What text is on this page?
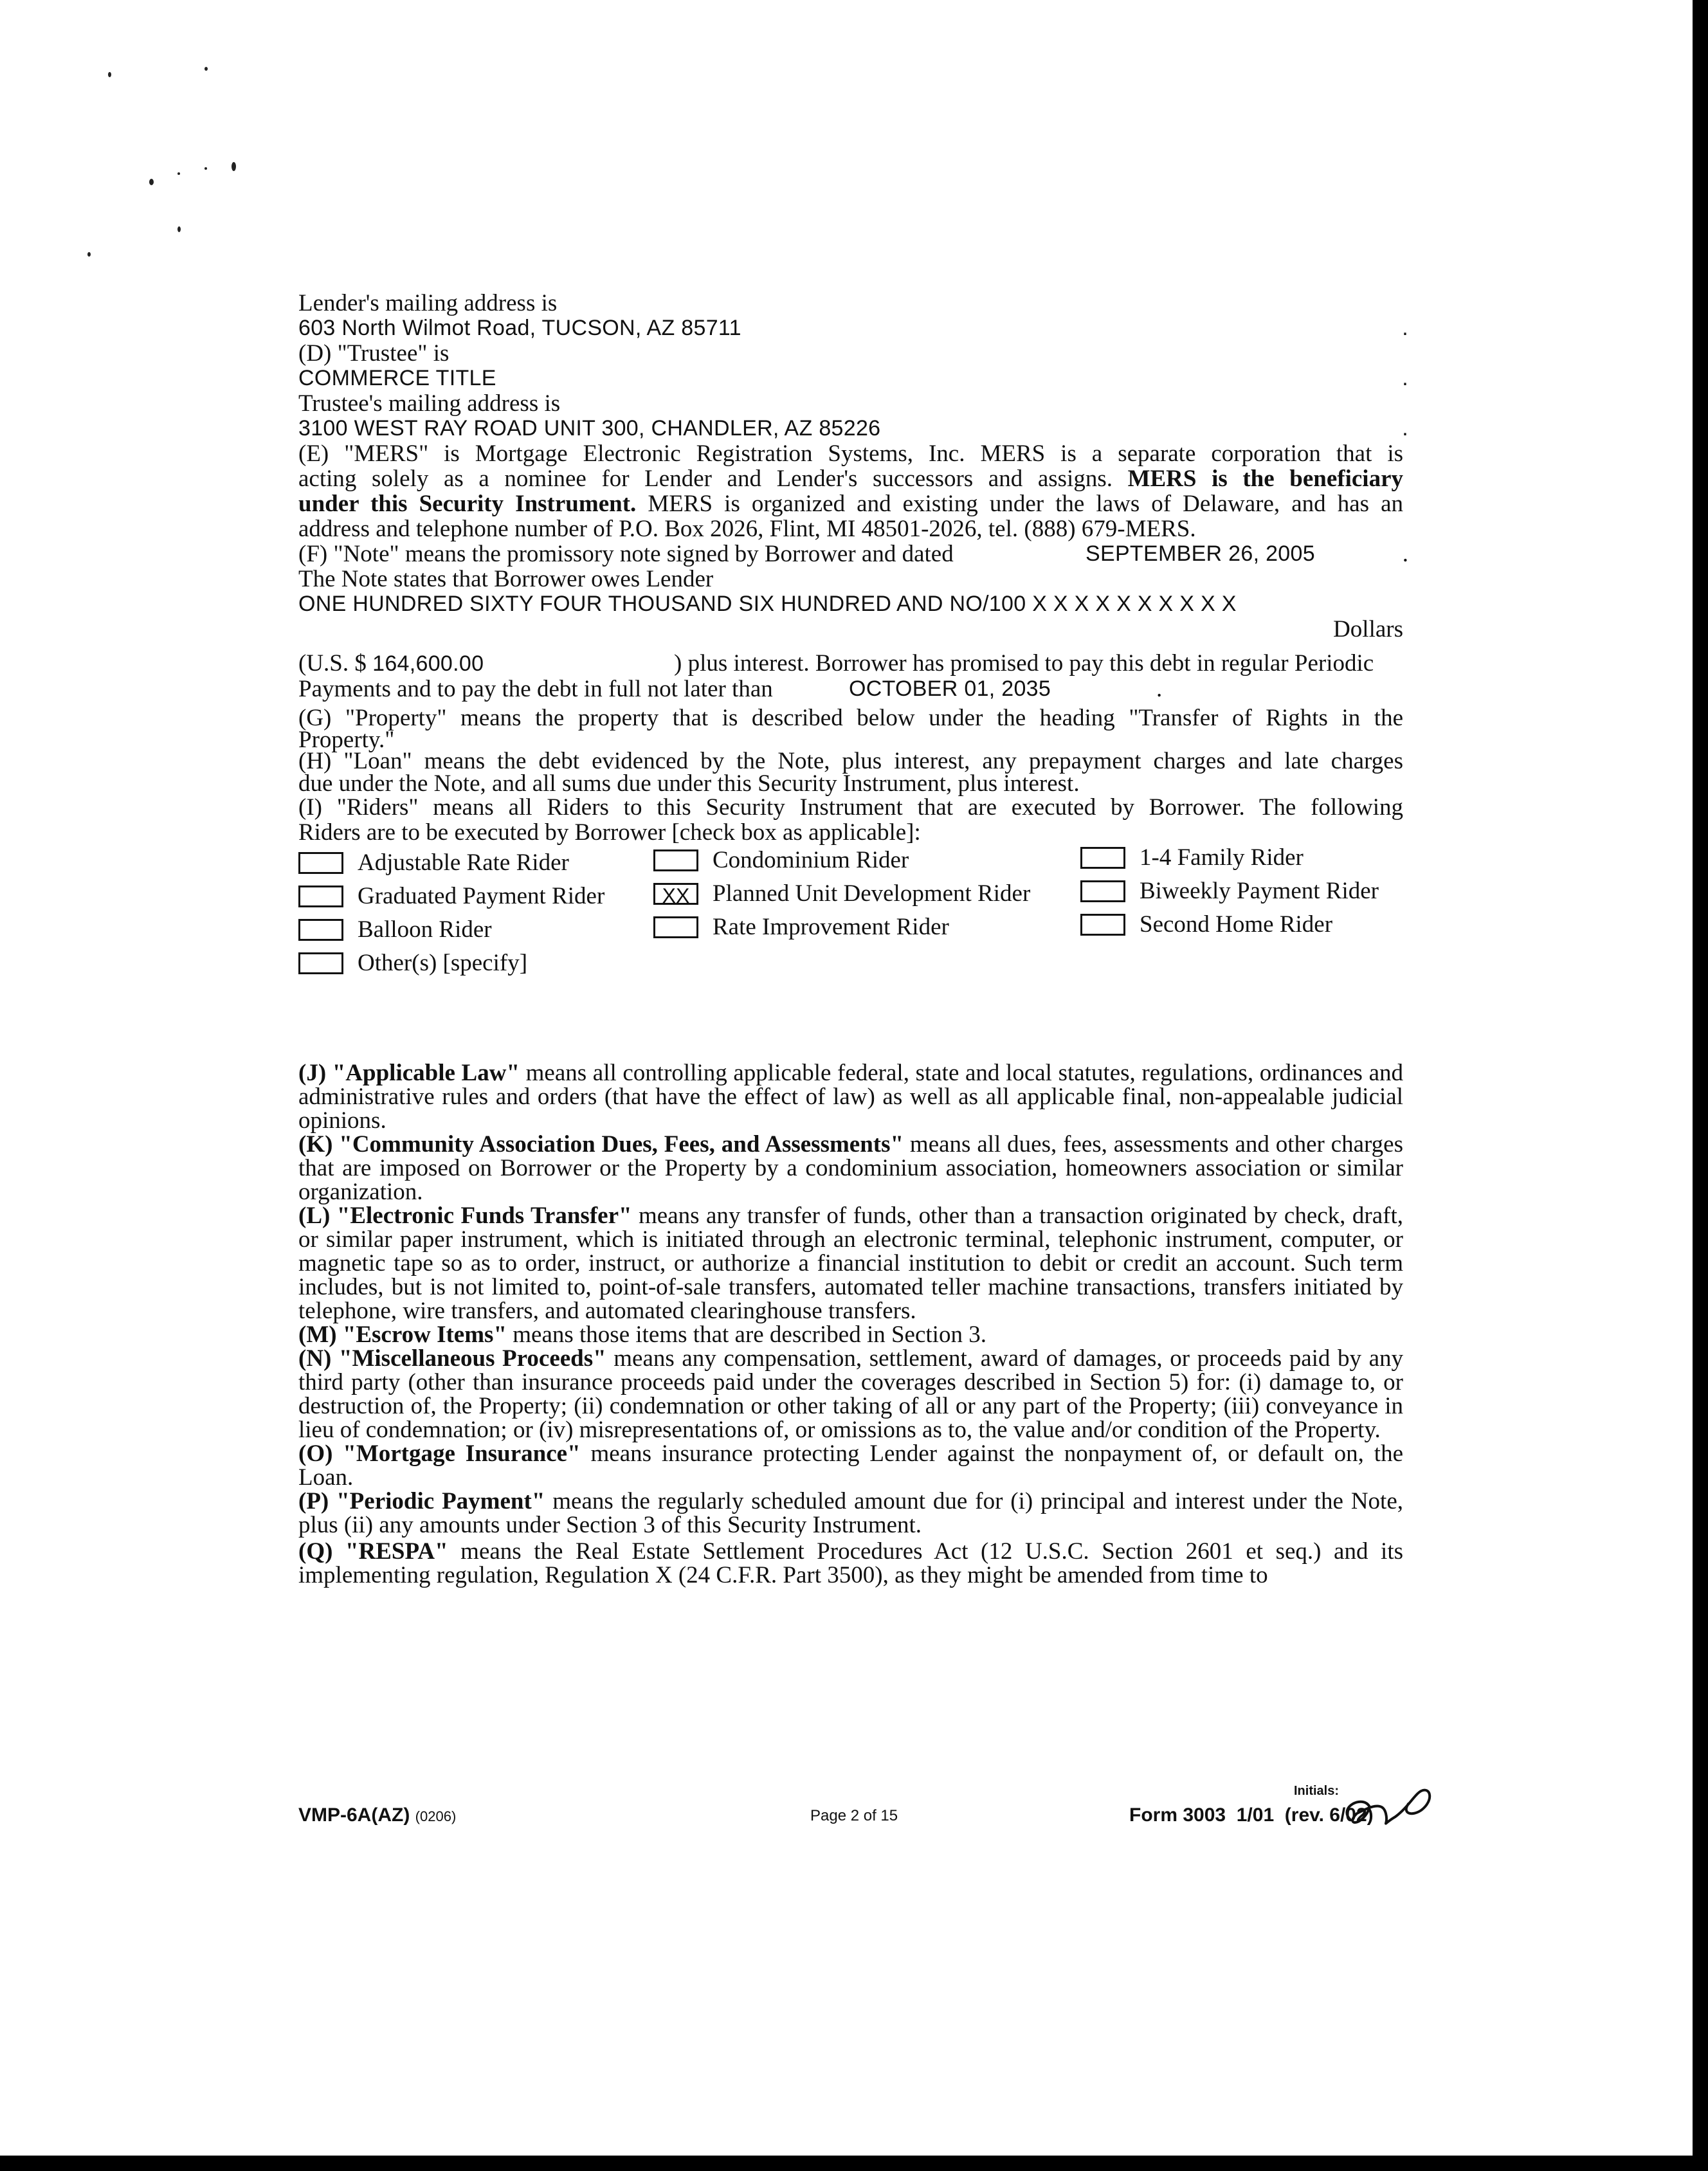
Lender's mailing address is

603 North Wilmot Road, TUCSON, AZ 85711	.

(D) "Trustee" is

COMMERCE TITLE	.

Trustee's mailing address is

3100 WEST RAY ROAD UNIT 300, CHANDLER, AZ 85226	.

(E) "MERS" is Mortgage Electronic Registration Systems, Inc. MERS is a separate corporation that is

acting solely as a nominee for Lender and Lender's successors and assigns. MERS is the beneficiary

under this Security Instrument. MERS is organized and existing under the laws of Delaware, and has an

address and telephone number of P.O. Box 2026, Flint, MI 48501-2026, tel. (888) 679-MERS.

(F) "Note" means the promissory note signed by Borrower and dated	SEPTEMBER 26, 2005	.

The Note states that Borrower owes Lender

ONE HUNDRED SIXTY FOUR THOUSAND SIX HUNDRED AND NO/100 X X X X X X X X X X

Dollars

(U.S. $ 164,600.00	) plus interest. Borrower has promised to pay this debt in regular Periodic

Payments and to pay the debt in full not later than	OCTOBER 01, 2035	.

(G) "Property" means the property that is described below under the heading "Transfer of Rights in the

Property."

(H) "Loan" means the debt evidenced by the Note, plus interest, any prepayment charges and late charges

due under the Note, and all sums due under this Security Instrument, plus interest.

(I) "Riders" means all Riders to this Security Instrument that are executed by Borrower. The following

Riders are to be executed by Borrower [check box as applicable]:

Adjustable Rate Rider	Condominium Rider	1-4 Family Rider
Graduated Payment Rider	XX Planned Unit Development Rider	Biweekly Payment Rider
Balloon Rider	Rate Improvement Rider	Second Home Rider
Other(s) [specify]

(J) "Applicable Law" means all controlling applicable federal, state and local statutes, regulations, ordinances and administrative rules and orders (that have the effect of law) as well as all applicable final, non-appealable judicial opinions.

(K) "Community Association Dues, Fees, and Assessments" means all dues, fees, assessments and other charges that are imposed on Borrower or the Property by a condominium association, homeowners association or similar organization.

(L) "Electronic Funds Transfer" means any transfer of funds, other than a transaction originated by check, draft, or similar paper instrument, which is initiated through an electronic terminal, telephonic instrument, computer, or magnetic tape so as to order, instruct, or authorize a financial institution to debit or credit an account. Such term includes, but is not limited to, point-of-sale transfers, automated teller machine transactions, transfers initiated by telephone, wire transfers, and automated clearinghouse transfers.

(M) "Escrow Items" means those items that are described in Section 3.

(N) "Miscellaneous Proceeds" means any compensation, settlement, award of damages, or proceeds paid by any third party (other than insurance proceeds paid under the coverages described in Section 5) for: (i) damage to, or destruction of, the Property; (ii) condemnation or other taking of all or any part of the Property; (iii) conveyance in lieu of condemnation; or (iv) misrepresentations of, or omissions as to, the value and/or condition of the Property.

(O) "Mortgage Insurance" means insurance protecting Lender against the nonpayment of, or default on, the Loan.

(P) "Periodic Payment" means the regularly scheduled amount due for (i) principal and interest under the Note, plus (ii) any amounts under Section 3 of this Security Instrument.

(Q) "RESPA" means the Real Estate Settlement Procedures Act (12 U.S.C. Section 2601 et seq.) and its implementing regulation, Regulation X (24 C.F.R. Part 3500), as they might be amended from time to

VMP-6A(AZ) (0206)	Page 2 of 15
Initials:
Form 3003  1/01  (rev. 6/02)
